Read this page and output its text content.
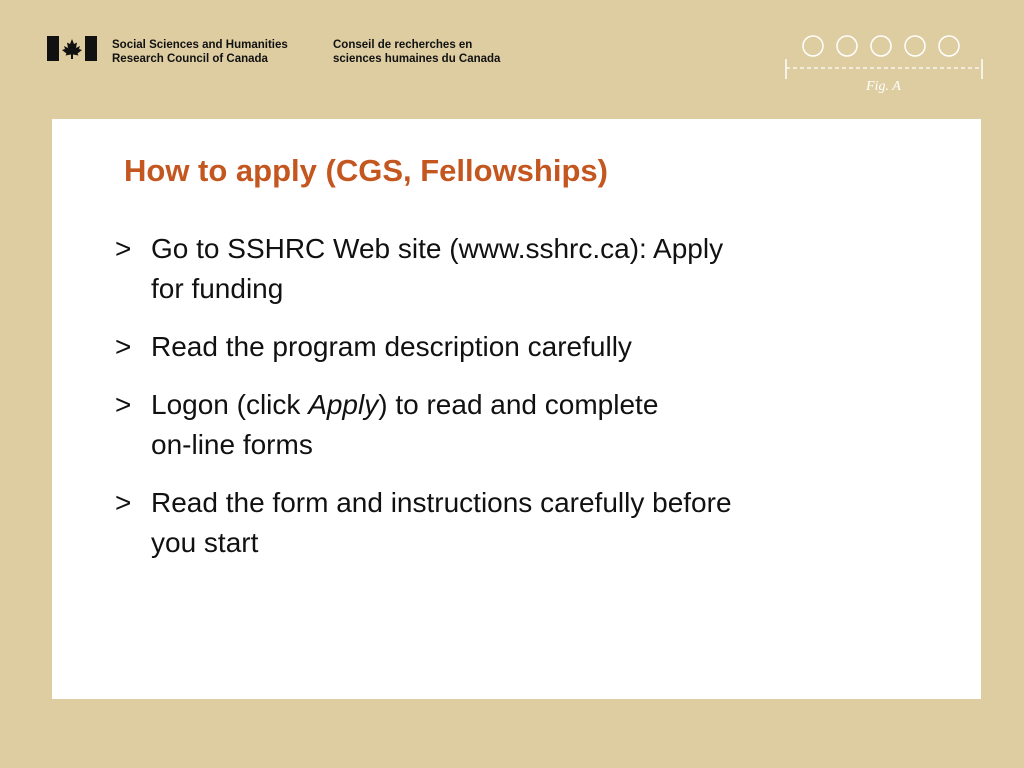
Social Sciences and Humanities
Research Council of Canada
Conseil de recherches en
sciences humaines du Canada
Fig. A
How to apply (CGS, Fellowships)
> Go to SSHRC Web site (www.sshrc.ca): Apply
for funding
> Read the program description carefully
> Logon (click Apply) to read and complete
on-line forms
> Read the form and instructions carefully before
you start
